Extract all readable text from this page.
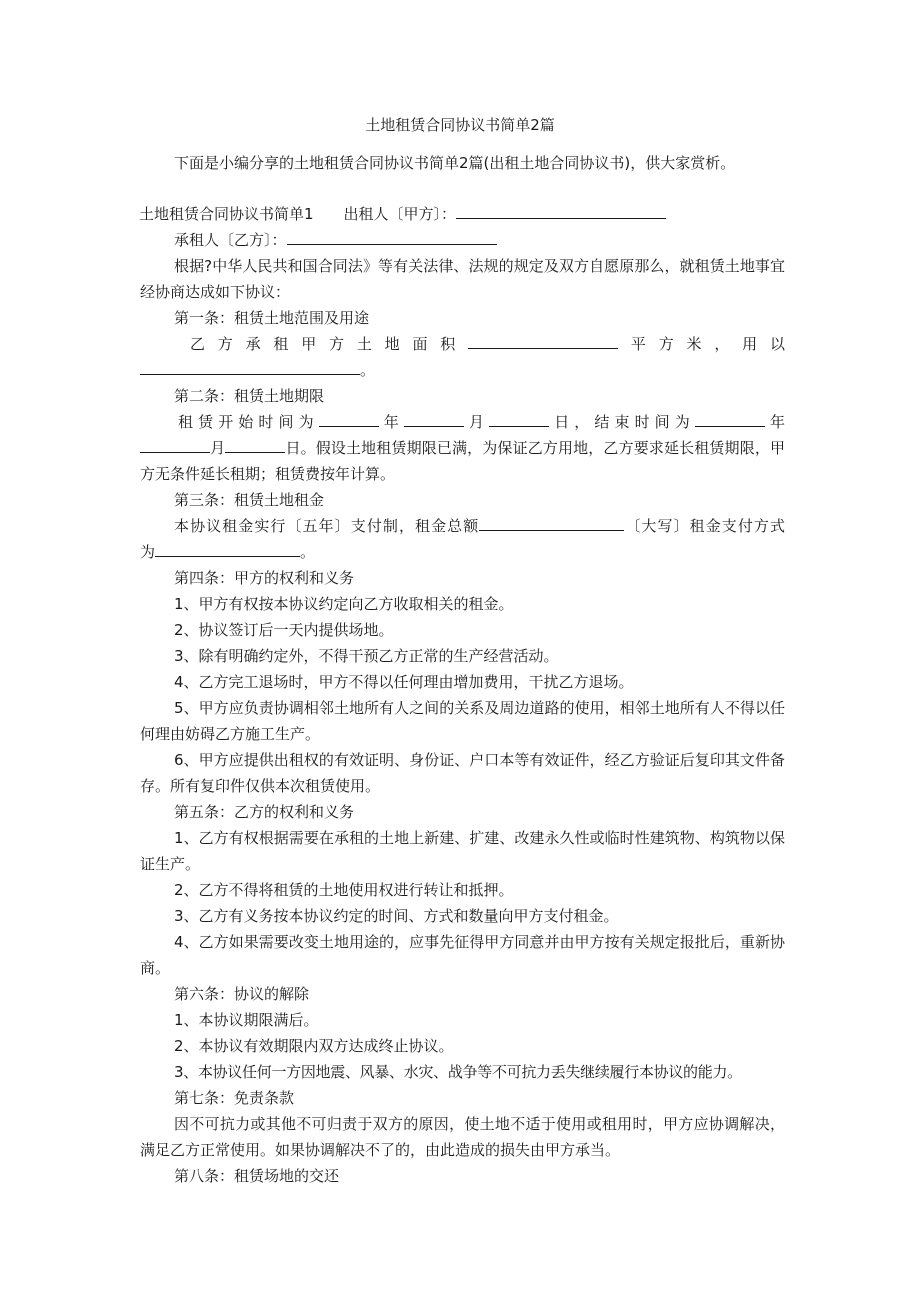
土地租赁合同协议书简单2篇

下面是小编分享的土地租赁合同协议书简单2篇(出租土地合同协议书)，供大家赏析。

土地租赁合同协议书简单1 出租人〔甲方〕：

承租人〔乙方〕：

根据?中华人民共和国合同法》等有关法律、法规的规定及双方自愿原那么，就租赁土地事宜经协商达成如下协议：

第一条：租赁土地范围及用途

乙方承租甲方土地面积	平方米，用以

。

第二条：租赁土地期限

租赁开始时间为	年	月	日，结束时间为	年

月	日。假设土地租赁期限已满，为保证乙方用地，乙方要求延长租赁期限，甲方无条件延长租期；租赁费按年计算。

第三条：租赁土地租金

本协议租金实行〔五年〕支付制，租金总额	〔大写〕租金支付方式

为	。

第四条：甲方的权利和义务

1、甲方有权按本协议约定向乙方收取相关的租金。

2、协议签订后一天内提供场地。

3、除有明确约定外，不得干预乙方正常的生产经营活动。

4、乙方完工退场时，甲方不得以任何理由增加费用，干扰乙方退场。

5、甲方应负责协调相邻土地所有人之间的关系及周边道路的使用，相邻土地所有人不得以任何理由妨碍乙方施工生产。

6、甲方应提供出租权的有效证明、身份证、户口本等有效证件，经乙方验证后复印其文件备存。所有复印件仅供本次租赁使用。

第五条：乙方的权利和义务

1、乙方有权根据需要在承租的土地上新建、扩建、改建永久性或临时性建筑物、构筑物以保证生产。

2、乙方不得将租赁的土地使用权进行转让和抵押。

3、乙方有义务按本协议约定的时间、方式和数量向甲方支付租金。

4、乙方如果需要改变土地用途的，应事先征得甲方同意并由甲方按有关规定报批后，重新协商。

第六条：协议的解除

1、本协议期限满后。

2、本协议有效期限内双方达成终止协议。

3、本协议任何一方因地震、风暴、水灾、战争等不可抗力丢失继续履行本协议的能力。

第七条：免责条款

因不可抗力或其他不可归责于双方的原因，使土地不适于使用或租用时，甲方应协调解决，满足乙方正常使用。如果协调解决不了的，由此造成的损失由甲方承当。

第八条：租赁场地的交还
